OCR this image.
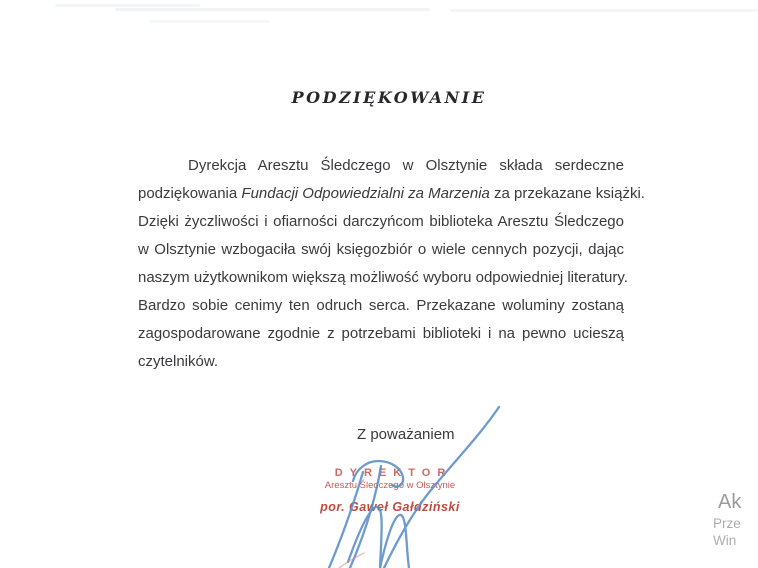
PODZIĘKOWANIE
Dyrekcja Aresztu Śledczego w Olsztynie składa serdeczne
podziękowania Fundacji Odpowiedzialni za Marzenia za przekazane książki.
Dzięki życzliwości i ofiarności darczyńcom biblioteka Aresztu Śledczego
w Olsztynie wzbogaciła swój księgozbiór o wiele cennych pozycji, dając
naszym użytkownikom większą możliwość wyboru odpowiedniej literatury.
Bardzo sobie cenimy ten odruch serca. Przekazane woluminy zostaną
zagospodarowane zgodnie z potrzebami biblioteki i na pewno ucieszą
czytelników.
Z poważaniem
DYREKTOR
Aresztu Śledczego w Olsztynie
por. Gaweł Gałdziński	Ak
Prze
Win
